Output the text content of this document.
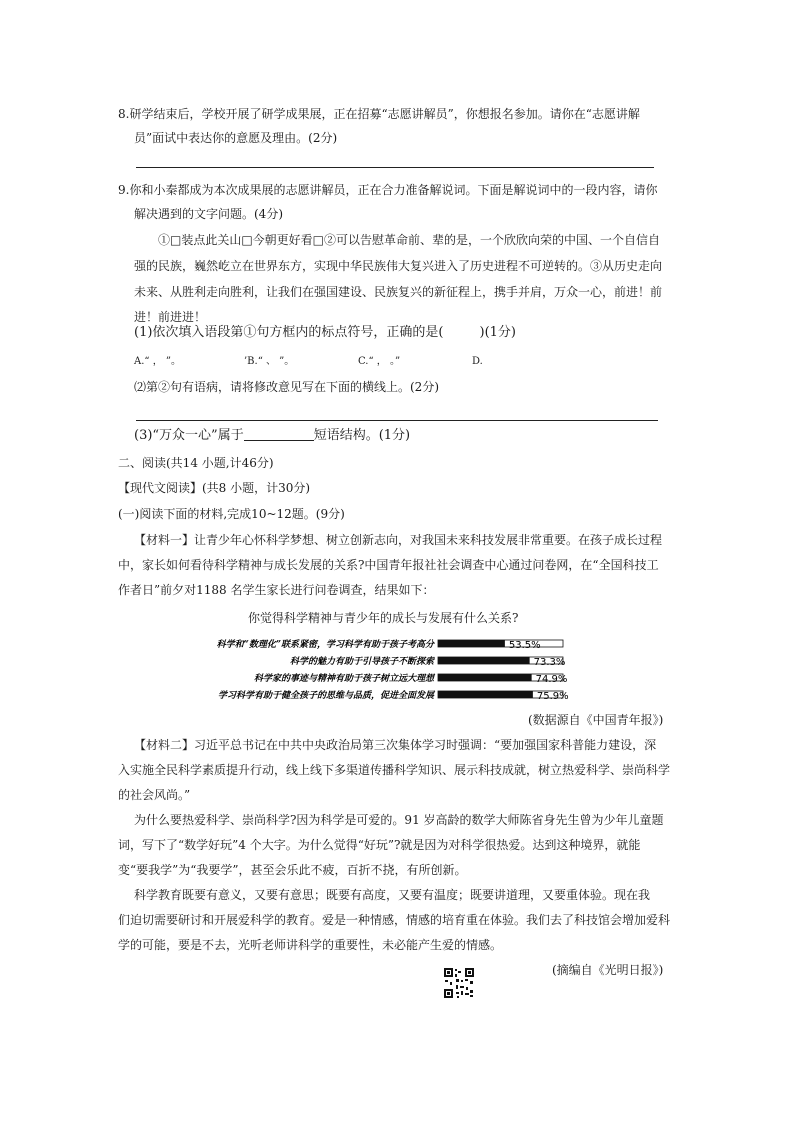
8.研学结束后，学校开展了研学成果展，正在招募“志愿讲解员”，你想报名参加。请你在“志愿讲解
员”面试中表达你的意愿及理由。(2分)
9.你和小秦都成为本次成果展的志愿讲解员，正在合力准备解说词。下面是解说词中的一段内容，请你
解决遇到的文字问题。(4分)
①□装点此关山□今朝更好看□②可以告慰革命前、辈的是，一个欣欣向荣的中国、一个自信自
强的民族，巍然屹立在世界东方，实现中华民族伟大复兴进入了历史进程不可逆转的。③从历史走向
未来、从胜利走向胜利，让我们在强国建设、民族复兴的新征程上，携手并肩，万众一心，前进！前
进！前进进！
(1)依次填入语段第①句方框内的标点符号，正确的是(	)(1分)
A.“ ， ”。	’B.“ 、 ”。	C.“ ， 。”	D.
⑵第②句有语病，请将修改意见写在下面的横线上。(2分)
(3)“万众一心”属于	短语结构。(1分)
二、阅读(共14 小题,计46分)
【现代文阅读】(共8 小题，计30分)
(一)阅读下面的材料,完成10~12题。(9分)
【材料一】让青少年心怀科学梦想、树立创新志向，对我国未来科技发展非常重要。在孩子成长过程
中，家长如何看待科学精神与成长发展的关系?中国青年报社社会调查中心通过问卷网，在“全国科技工
作者日”前夕对1188 名学生家长进行问卷调查，结果如下：
你觉得科学精神与青少年的成长与发展有什么关系?
科学和“数理化”联系紧密，学习科学有助于孩子考高分	53.5%
科学的魅力有助于引导孩子不断探索	73.3%
科学家的事迹与精神有助于孩子树立远大理想	74.9%
学习科学有助于健全孩子的思维与品质，促进全面发展	75.9%
(数据源自《中国青年报》)
【材料二】习近平总书记在中共中央政治局第三次集体学习时强调：“要加强国家科普能力建设，深
入实施全民科学素质提升行动，线上线下多渠道传播科学知识、展示科技成就，树立热爱科学、崇尚科学
的社会风尚。”
为什么要热爱科学、崇尚科学?因为科学是可爱的。91 岁高龄的数学大师陈省身先生曾为少年儿童题
词，写下了“数学好玩”4 个大字。为什么觉得“好玩”?就是因为对科学很热爱。达到这种境界，就能
变“要我学”为“我要学”，甚至会乐此不疲，百折不挠，有所创新。
科学教育既要有意义，又要有意思；既要有高度，又要有温度；既要讲道理，又要重体验。现在我
们迫切需要研讨和开展爱科学的教育。爱是一种情感，情感的培育重在体验。我们去了科技馆会增加爱科
学的可能，要是不去，光听老师讲科学的重要性，未必能产生爱的情感。
(摘编自《光明日报》)
